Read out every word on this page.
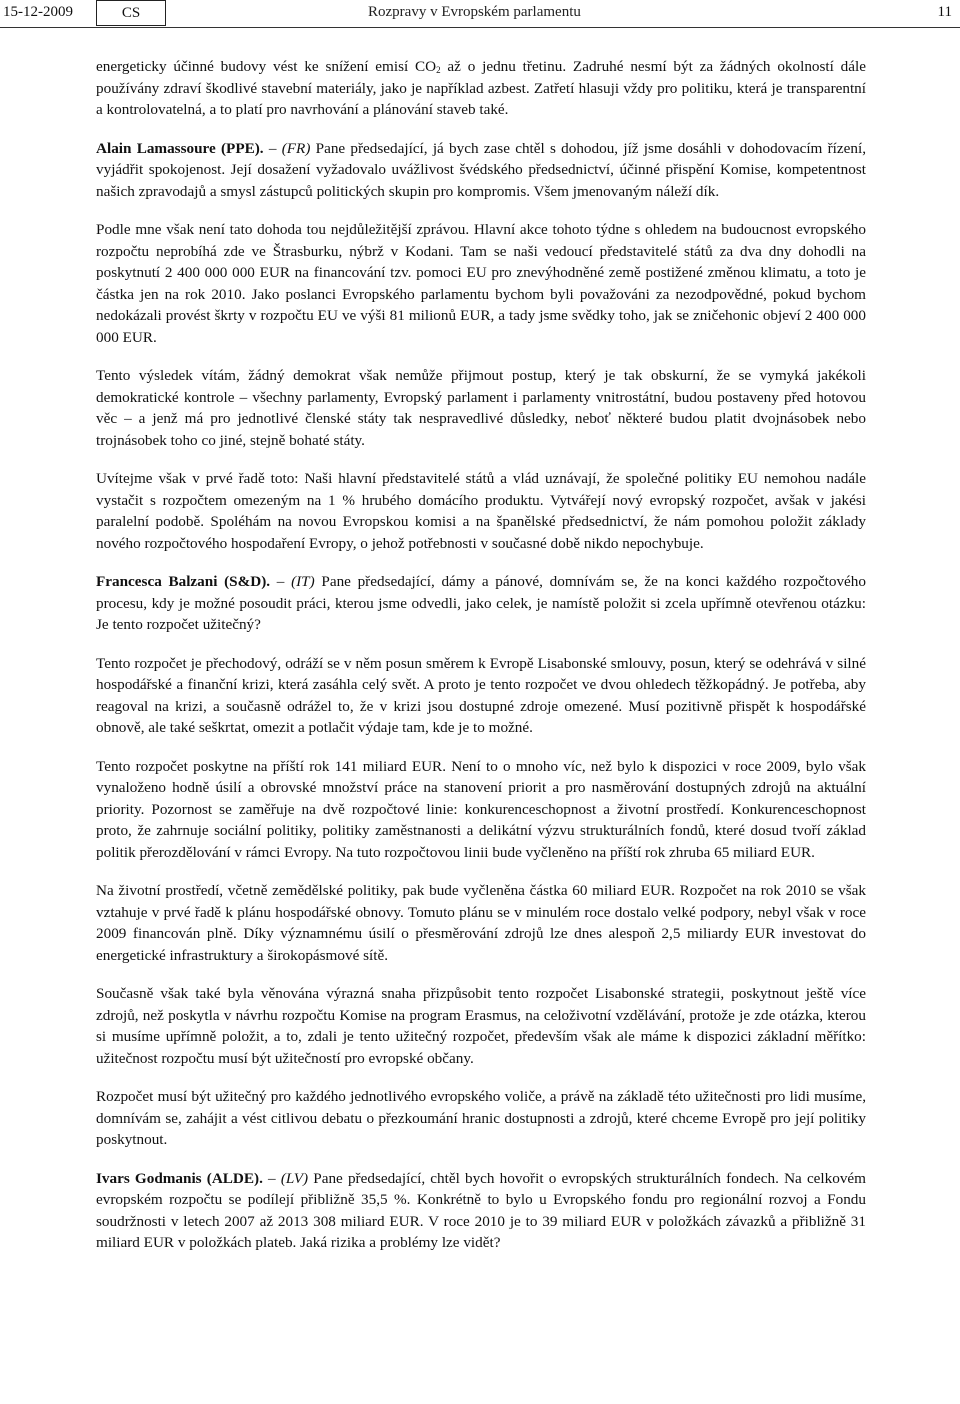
15-12-2009	CS	Rozpravy v Evropském parlamentu	11

energeticky účinné budovy vést ke snížení emisí $CO_2$ až o jednu třetinu. Zadruhé nesmí být za žádných okolností dále používány zdraví škodlivé stavební materiály, jako je například azbest. Zatřetí hlasuji vždy pro politiku, která je transparentní a kontrolovatelná, a to platí pro navrhování a plánování staveb také.

Alain Lamassoure (PPE). – (FR) Pane předsedající, já bych zase chtěl s dohodou, jíž jsme dosáhli v dohodovacím řízení, vyjádřit spokojenost. Její dosažení vyžadovalo uvážlivost švédského předsednictví, účinné přispění Komise, kompetentnost našich zpravodajů a smysl zástupců politických skupin pro kompromis. Všem jmenovaným náleží dík.

Podle mne však není tato dohoda tou nejdůležitější zprávou. Hlavní akce tohoto týdne s ohledem na budoucnost evropského rozpočtu neprobíhá zde ve Štrasburku, nýbrž v Kodani. Tam se naši vedoucí představitelé států za dva dny dohodli na poskytnutí 2 400 000 000 EUR na financování tzv. pomoci EU pro znevýhodněné země postižené změnou klimatu, a toto je částka jen na rok 2010. Jako poslanci Evropského parlamentu bychom byli považováni za nezodpovědné, pokud bychom nedokázali provést škrty v rozpočtu EU ve výši 81 milionů EUR, a tady jsme svědky toho, jak se zničehonic objeví 2 400 000 000 EUR.

Tento výsledek vítám, žádný demokrat však nemůže přijmout postup, který je tak obskurní, že se vymyká jakékoli demokratické kontrole – všechny parlamenty, Evropský parlament i parlamenty vnitrostátní, budou postaveny před hotovou věc – a jenž má pro jednotlivé členské státy tak nespravedlivé důsledky, neboť některé budou platit dvojnásobek nebo trojnásobek toho co jiné, stejně bohaté státy.

Uvítejme však v prvé řadě toto: Naši hlavní představitelé států a vlád uznávají, že společné politiky EU nemohou nadále vystačit s rozpočtem omezeným na 1 % hrubého domácího produktu. Vytvářejí nový evropský rozpočet, avšak v jakési paralelní podobě. Spoléhám na novou Evropskou komisi a na španělské předsednictví, že nám pomohou položit základy nového rozpočtového hospodaření Evropy, o jehož potřebnosti v současné době nikdo nepochybuje.

Francesca Balzani (S&D). – (IT) Pane předsedající, dámy a pánové, domnívám se, že na konci každého rozpočtového procesu, kdy je možné posoudit práci, kterou jsme odvedli, jako celek, je namístě položit si zcela upřímně otevřenou otázku: Je tento rozpočet užitečný?

Tento rozpočet je přechodový, odráží se v něm posun směrem k Evropě Lisabonské smlouvy, posun, který se odehrává v silné hospodářské a finanční krizi, která zasáhla celý svět. A proto je tento rozpočet ve dvou ohledech těžkopádný. Je potřeba, aby reagoval na krizi, a současně odrážel to, že v krizi jsou dostupné zdroje omezené. Musí pozitivně přispět k hospodářské obnově, ale také seškrtat, omezit a potlačit výdaje tam, kde je to možné.

Tento rozpočet poskytne na příští rok 141 miliard EUR. Není to o mnoho víc, než bylo k dispozici v roce 2009, bylo však vynaloženo hodně úsilí a obrovské množství práce na stanovení priorit a pro nasměrování dostupných zdrojů na aktuální priority. Pozornost se zaměřuje na dvě rozpočtové linie: konkurenceschopnost a životní prostředí. Konkurenceschopnost proto, že zahrnuje sociální politiky, politiky zaměstnanosti a delikátní výzvu strukturálních fondů, které dosud tvoří základ politik přerozdělování v rámci Evropy. Na tuto rozpočtovou linii bude vyčleněno na příští rok zhruba 65 miliard EUR.

Na životní prostředí, včetně zemědělské politiky, pak bude vyčleněna částka 60 miliard EUR. Rozpočet na rok 2010 se však vztahuje v prvé řadě k plánu hospodářské obnovy. Tomuto plánu se v minulém roce dostalo velké podpory, nebyl však v roce 2009 financován plně. Díky významnému úsilí o přesměrování zdrojů lze dnes alespoň 2,5 miliardy EUR investovat do energetické infrastruktury a širokopásmové sítě.

Současně však také byla věnována výrazná snaha přizpůsobit tento rozpočet Lisabonské strategii, poskytnout ještě více zdrojů, než poskytla v návrhu rozpočtu Komise na program Erasmus, na celoživotní vzdělávání, protože je zde otázka, kterou si musíme upřímně položit, a to, zdali je tento užitečný rozpočet, především však ale máme k dispozici základní měřítko: užitečnost rozpočtu musí být užitečností pro evropské občany.

Rozpočet musí být užitečný pro každého jednotlivého evropského voliče, a právě na základě této užitečnosti pro lidi musíme, domnívám se, zahájit a vést citlivou debatu o přezkoumání hranic dostupnosti a zdrojů, které chceme Evropě pro její politiky poskytnout.

Ivars Godmanis (ALDE). – (LV) Pane předsedající, chtěl bych hovořit o evropských strukturálních fondech. Na celkovém evropském rozpočtu se podílejí přibližně 35,5 %. Konkrétně to bylo u Evropského fondu pro regionální rozvoj a Fondu soudržnosti v letech 2007 až 2013 308 miliard EUR. V roce 2010 je to 39 miliard EUR v položkách závazků a přibližně 31 miliard EUR v položkách plateb. Jaká rizika a problémy lze vidět?
